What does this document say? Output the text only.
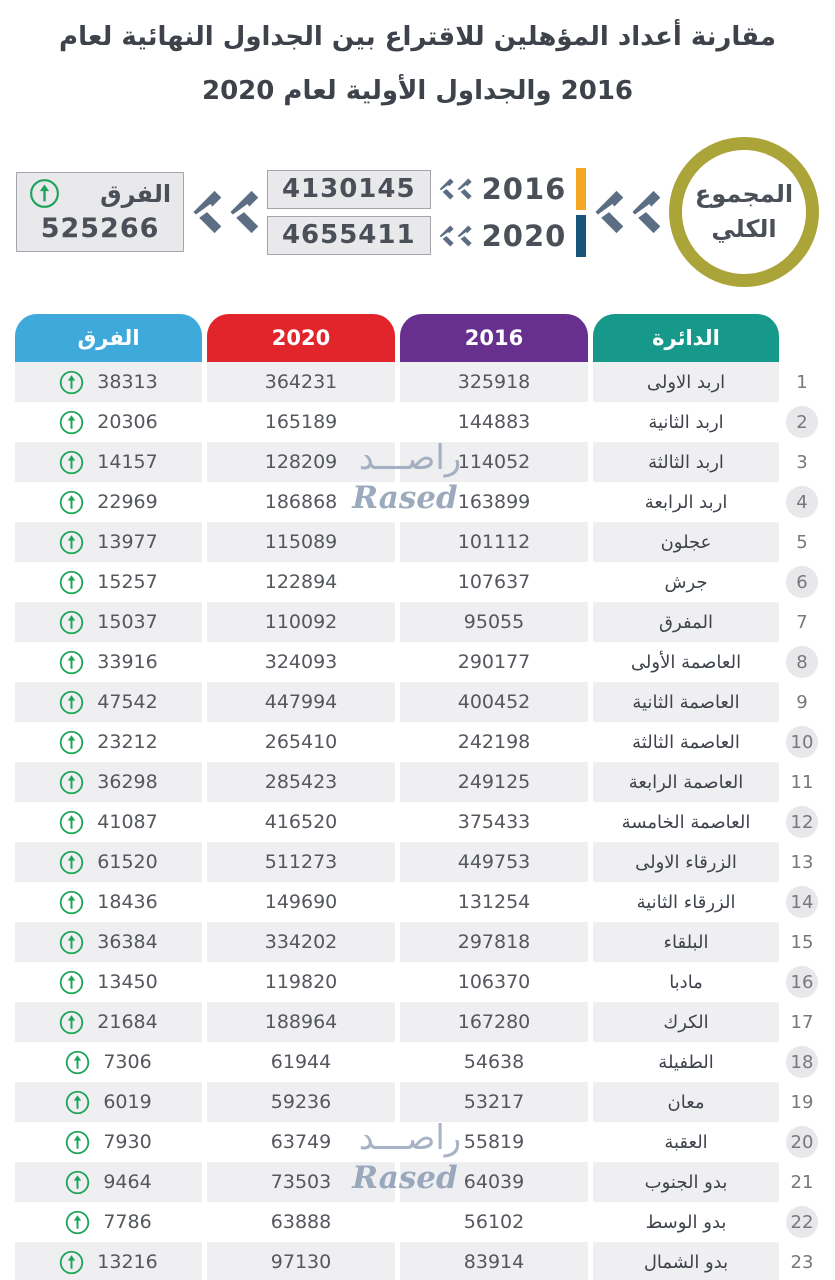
مقارنة أعداد المؤهلين للاقتراع بين الجداول النهائية لعام
2016 والجداول الأولية لعام 2020
المجموع
الكلي
2016
2020
4130145
4655411
الفرق
525266
الدائرة
2016
2020
الفرق
1
اربد الاولى
325918
364231
38313
2
اربد الثانية
144883
165189
20306
3
اربد الثالثة
114052
128209
14157
4
اربد الرابعة
163899
186868
22969
5
عجلون
101112
115089
13977
6
جرش
107637
122894
15257
7
المفرق
95055
110092
15037
8
العاصمة الأولى
290177
324093
33916
9
العاصمة الثانية
400452
447994
47542
10
العاصمة الثالثة
242198
265410
23212
11
العاصمة الرابعة
249125
285423
36298
12
العاصمة الخامسة
375433
416520
41087
13
الزرقاء الاولى
449753
511273
61520
14
الزرقاء الثانية
131254
149690
18436
15
البلقاء
297818
334202
36384
16
مادبا
106370
119820
13450
17
الكرك
167280
188964
21684
18
الطفيلة
54638
61944
7306
19
معان
53217
59236
6019
20
العقبة
55819
63749
7930
21
بدو الجنوب
64039
73503
9464
22
بدو الوسط
56102
63888
7786
23
بدو الشمال
83914
97130
13216
راصـــد
Rased
راصـــد
Rased
